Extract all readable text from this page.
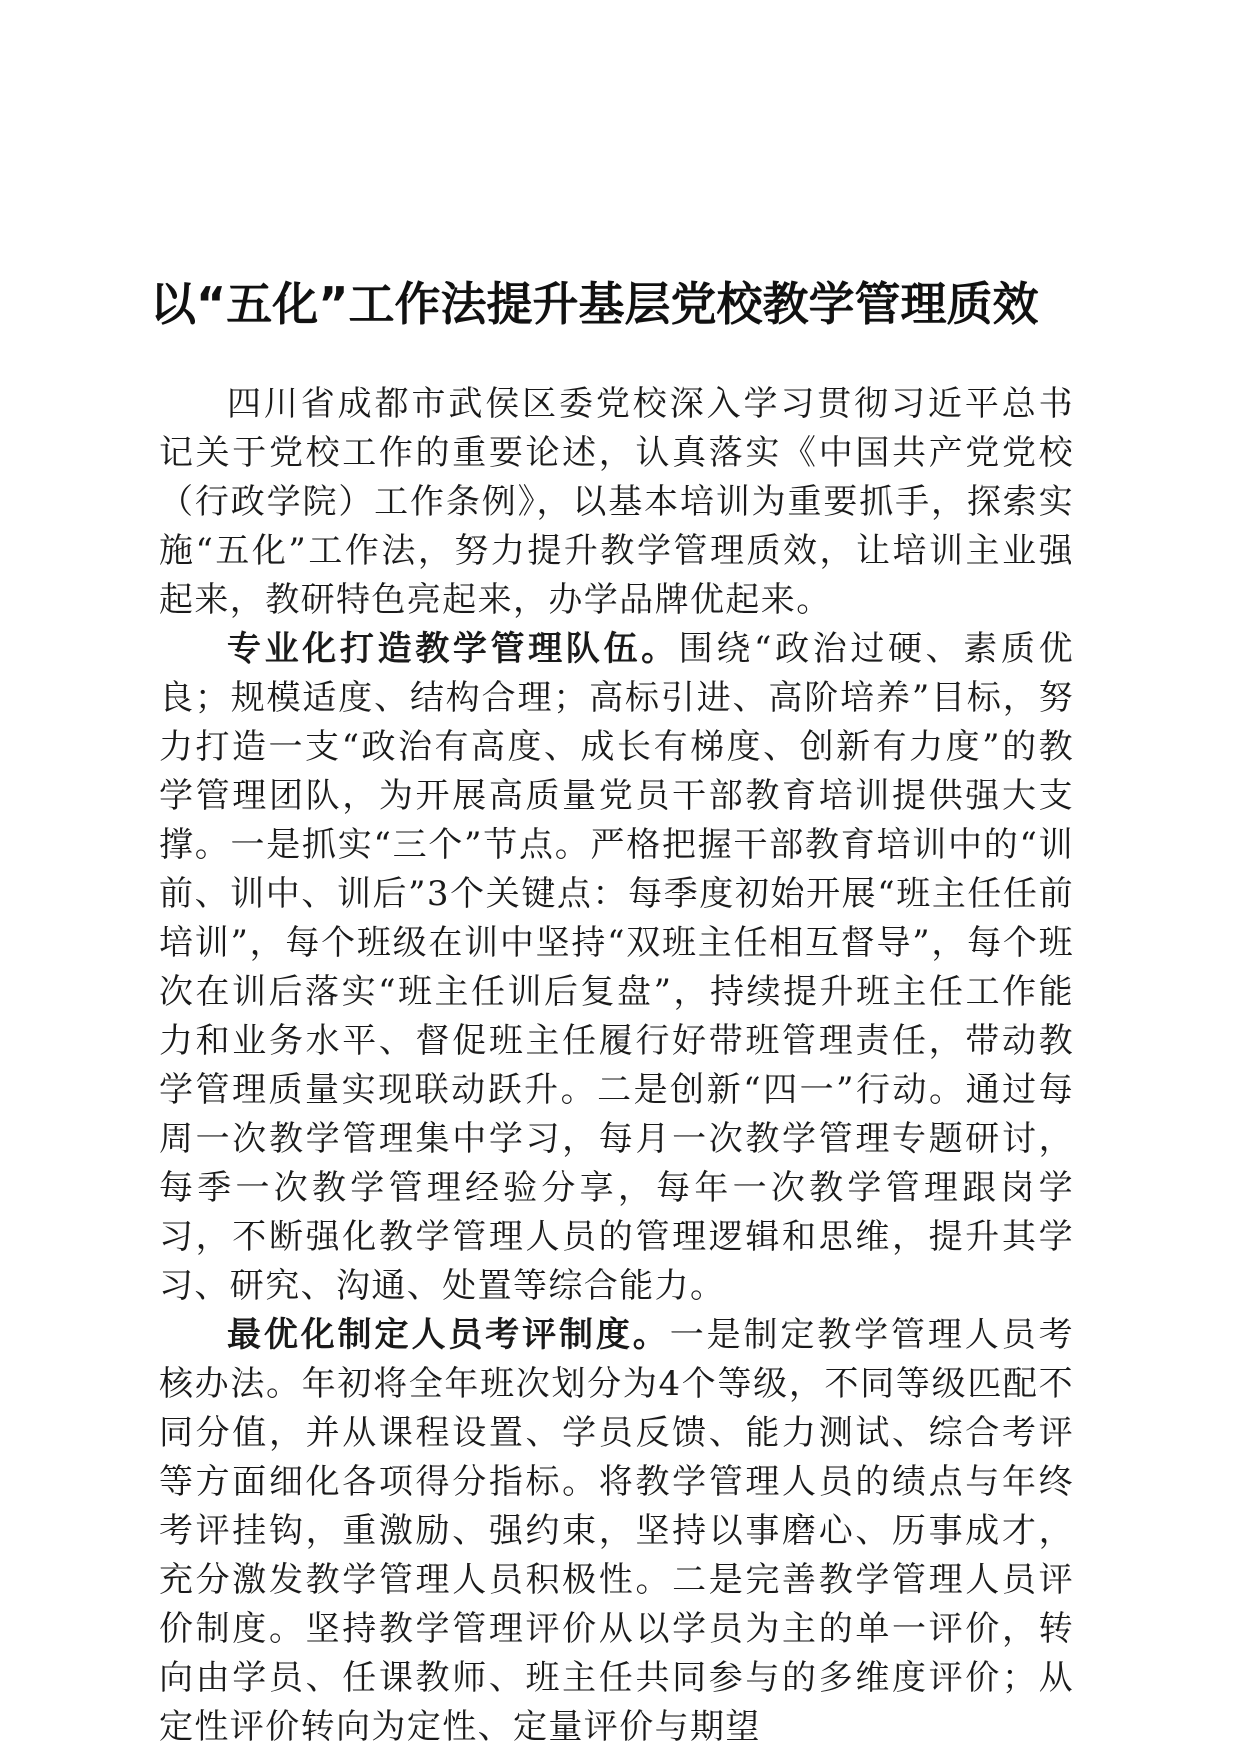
以“五化”工作法提升基层党校教学管理质效

四川省成都市武侯区委党校深入学习贯彻习近平总书记关于党校工作的重要论述，认真落实《中国共产党党校（行政学院）工作条例》，以基本培训为重要抓手，探索实施“五化”工作法，努力提升教学管理质效，让培训主业强起来，教研特色亮起来，办学品牌优起来。

专业化打造教学管理队伍。围绕“政治过硬、素质优良；规模适度、结构合理；高标引进、高阶培养”目标，努力打造一支“政治有高度、成长有梯度、创新有力度”的教学管理团队，为开展高质量党员干部教育培训提供强大支撑。一是抓实“三个”节点。严格把握干部教育培训中的“训前、训中、训后”3个关键点：每季度初始开展“班主任任前培训”，每个班级在训中坚持“双班主任相互督导”，每个班次在训后落实“班主任训后复盘”，持续提升班主任工作能力和业务水平、督促班主任履行好带班管理责任，带动教学管理质量实现联动跃升。二是创新“四一”行动。通过每周一次教学管理集中学习，每月一次教学管理专题研讨，每季一次教学管理经验分享，每年一次教学管理跟岗学习，不断强化教学管理人员的管理逻辑和思维，提升其学习、研究、沟通、处置等综合能力。

最优化制定人员考评制度。一是制定教学管理人员考核办法。年初将全年班次划分为4个等级，不同等级匹配不同分值，并从课程设置、学员反馈、能力测试、综合考评等方面细化各项得分指标。将教学管理人员的绩点与年终考评挂钩，重激励、强约束，坚持以事磨心、历事成才，充分激发教学管理人员积极性。二是完善教学管理人员评价制度。坚持教学管理评价从以学员为主的单一评价，转向由学员、任课教师、班主任共同参与的多维度评价；从定性评价转向为定性、定量评价与期望
